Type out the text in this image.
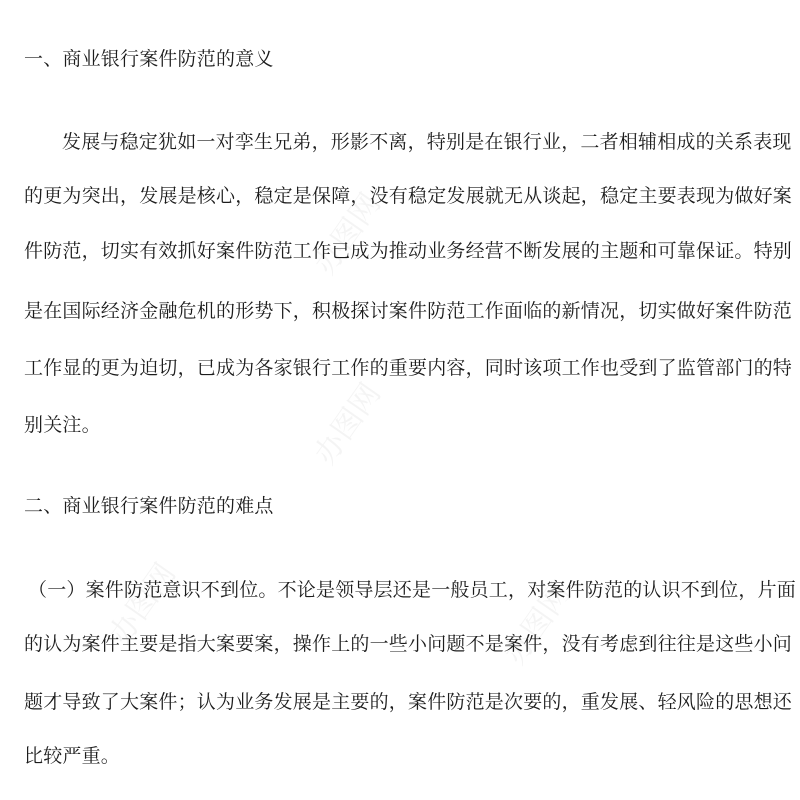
办图网
办图网
办图网	办图网
一、商业银行案件防范的意义
发展与稳定犹如一对孪生兄弟，形影不离，特别是在银行业，二者相辅相成的关系表现
的更为突出，发展是核心，稳定是保障，没有稳定发展就无从谈起，稳定主要表现为做好案
件防范，切实有效抓好案件防范工作已成为推动业务经营不断发展的主题和可靠保证。特别
是在国际经济金融危机的形势下，积极探讨案件防范工作面临的新情况，切实做好案件防范
工作显的更为迫切，已成为各家银行工作的重要内容，同时该项工作也受到了监管部门的特
别关注。
二、商业银行案件防范的难点
（一）案件防范意识不到位。不论是领导层还是一般员工，对案件防范的认识不到位，片面
的认为案件主要是指大案要案，操作上的一些小问题不是案件，没有考虑到往往是这些小问
题才导致了大案件；认为业务发展是主要的，案件防范是次要的，重发展、轻风险的思想还
比较严重。
